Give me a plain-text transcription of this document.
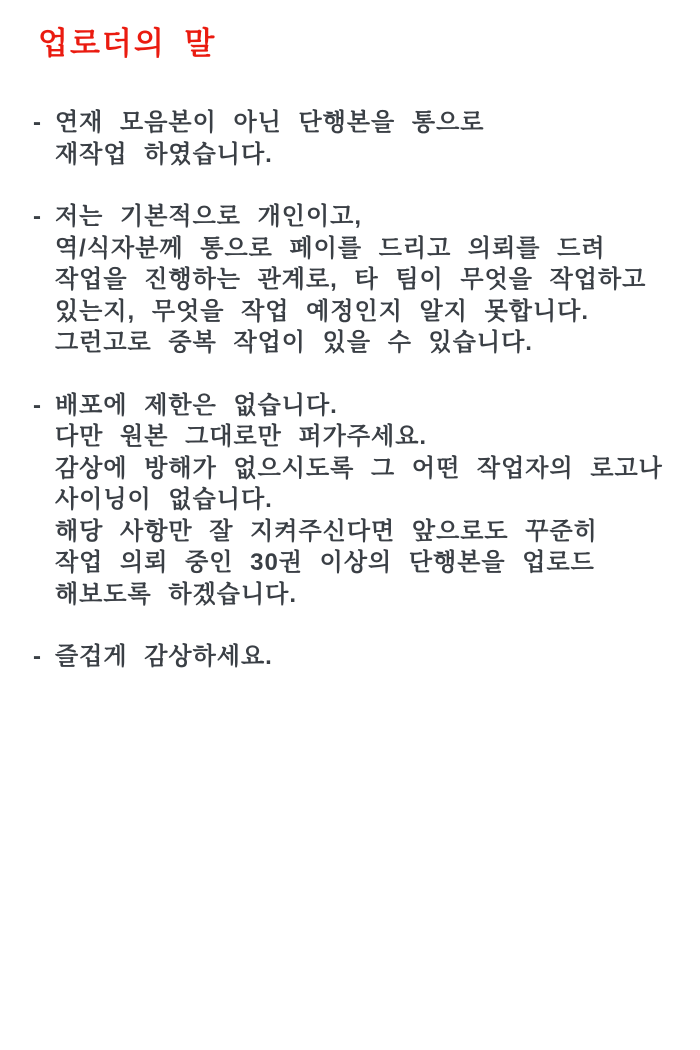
업로더의 말
- 연재 모음본이 아닌 단행본을 통으로
재작업 하였습니다.
- 저는 기본적으로 개인이고,
역/식자분께 통으로 페이를 드리고 의뢰를 드려
작업을 진행하는 관계로, 타 팀이 무엇을 작업하고
있는지, 무엇을 작업 예정인지 알지 못합니다.
그런고로 중복 작업이 있을 수 있습니다.
- 배포에 제한은 없습니다.
다만 원본 그대로만 퍼가주세요.
감상에 방해가 없으시도록 그 어떤 작업자의 로고나
사이닝이 없습니다.
해당 사항만 잘 지켜주신다면 앞으로도 꾸준히
작업 의뢰 중인 30권 이상의 단행본을 업로드
해보도록 하겠습니다.
- 즐겁게 감상하세요.
